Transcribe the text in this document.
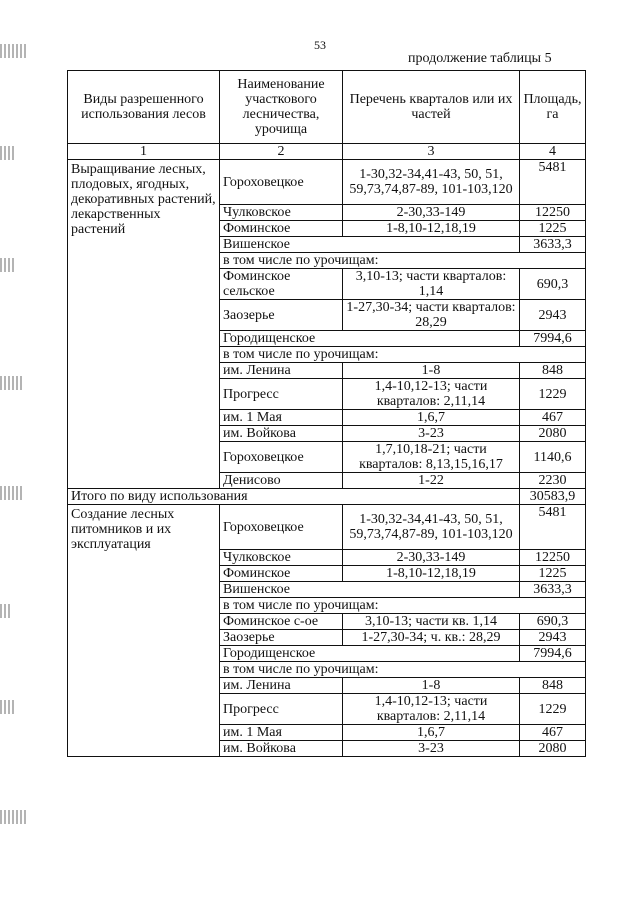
53
продолжение таблицы 5
Виды разрешенного использования лесов	Наименование участкового лесничества, урочища	Перечень кварталов или их частей	Площадь, га
1	2	3	4
Выращивание лесных, плодовых, ягодных, декоративных растений, лекарственных растений	Гороховецкое	1-30,32-34,41-43, 50, 51, 59,73,74,87-89, 101-103,120	5481
	Чулковское	2-30,33-149	12250
	Фоминское	1-8,10-12,18,19	1225
	Вишенское		3633,3
	в том числе по урочищам:		
	Фоминское сельское	3,10-13; части кварталов: 1,14	690,3
	Заозерье	1-27,30-34; части кварталов: 28,29	2943
	Городищенское		7994,6
	в том числе по урочищам:		
	им. Ленина	1-8	848
	Прогресс	1,4-10,12-13; части кварталов: 2,11,14	1229
	им. 1 Мая	1,6,7	467
	им. Войкова	3-23	2080
	Гороховецкое	1,7,10,18-21; части кварталов: 8,13,15,16,17	1140,6
	Денисово	1-22	2230
Итого по виду использования			30583,9
Создание лесных питомников и их эксплуатация	Гороховецкое	1-30,32-34,41-43, 50, 51, 59,73,74,87-89, 101-103,120	5481
	Чулковское	2-30,33-149	12250
	Фоминское	1-8,10-12,18,19	1225
	Вишенское		3633,3
	в том числе по урочищам:		
	Фоминское с-ое	3,10-13; части кв. 1,14	690,3
	Заозерье	1-27,30-34; ч. кв.: 28,29	2943
	Городищенское		7994,6
	в том числе по урочищам:		
	им. Ленина	1-8	848
	Прогресс	1,4-10,12-13; части кварталов: 2,11,14	1229
	им. 1 Мая	1,6,7	467
	им. Войкова	3-23	2080
